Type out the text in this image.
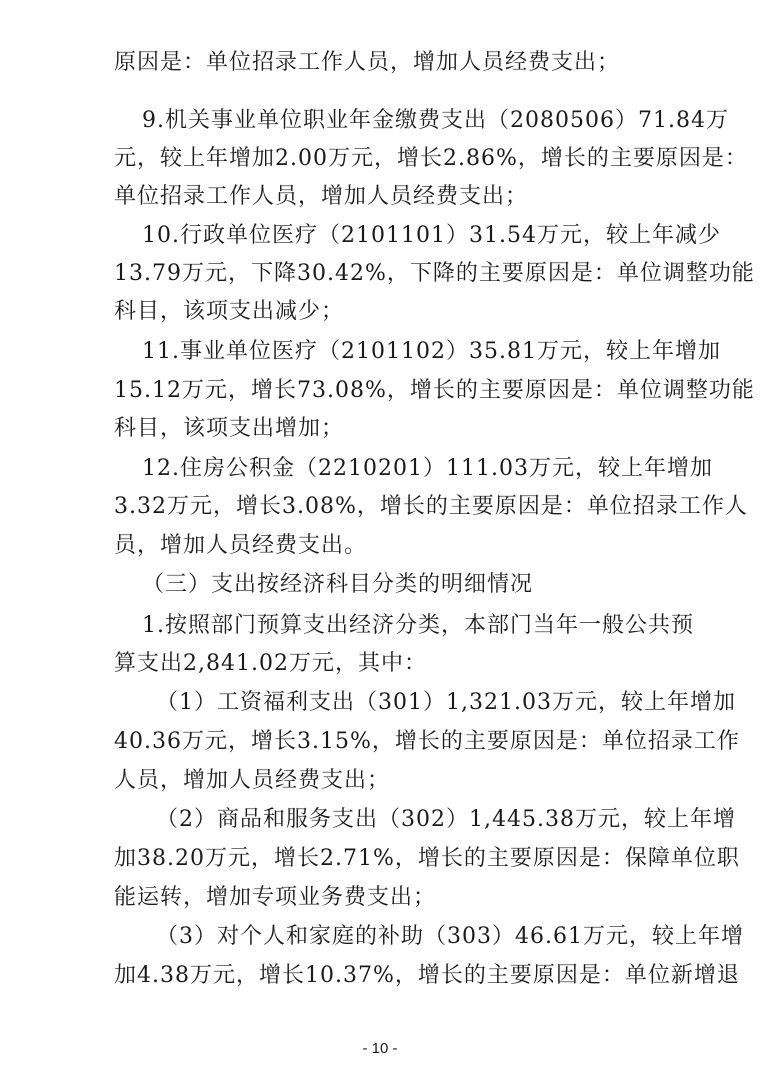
原因是：单位招录工作人员，增加人员经费支出；
9.机关事业单位职业年金缴费支出（2080506）71.84万
元，较上年增加2.00万元，增长2.86%，增长的主要原因是：
单位招录工作人员，增加人员经费支出；
10.行政单位医疗（2101101）31.54万元，较上年减少
13.79万元，下降30.42%，下降的主要原因是：单位调整功能
科目，该项支出减少；
11.事业单位医疗（2101102）35.81万元，较上年增加
15.12万元，增长73.08%，增长的主要原因是：单位调整功能
科目，该项支出增加；
12.住房公积金（2210201）111.03万元，较上年增加
3.32万元，增长3.08%，增长的主要原因是：单位招录工作人
员，增加人员经费支出。
（三）支出按经济科目分类的明细情况
1.按照部门预算支出经济分类，本部门当年一般公共预
算支出2,841.02万元，其中：
（1）工资福利支出（301）1,321.03万元，较上年增加
40.36万元，增长3.15%，增长的主要原因是：单位招录工作
人员，增加人员经费支出；
（2）商品和服务支出（302）1,445.38万元，较上年增
加38.20万元，增长2.71%，增长的主要原因是：保障单位职
能运转，增加专项业务费支出；
（3）对个人和家庭的补助（303）46.61万元，较上年增
加4.38万元，增长10.37%，增长的主要原因是：单位新增退
- 10 -
